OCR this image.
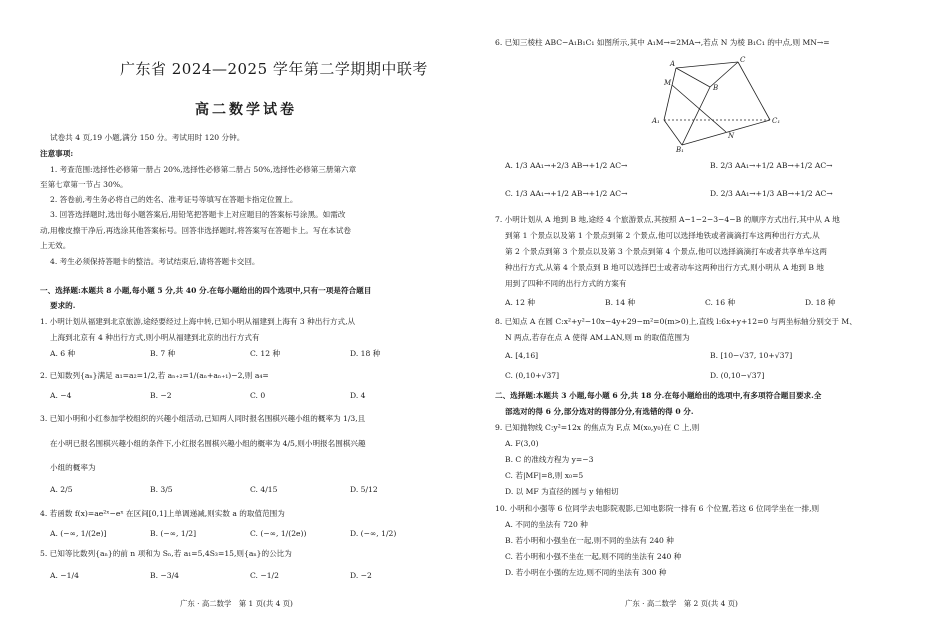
广东省 2024—2025 学年第二学期期中联考
高二数学试卷
试卷共 4 页,19 小题,满分 150 分。考试用时 120 分钟。
注意事项:
1. 考查范围:选择性必修第一册占 20%,选择性必修第二册占 50%,选择性必修第三册第六章
至第七章第一节占 30%。
2. 答卷前,考生务必将自己的姓名、准考证号等填写在答题卡指定位置上。
3. 回答选择题时,选出每小题答案后,用铅笔把答题卡上对应题目的答案标号涂黑。如需改
动,用橡皮擦干净后,再选涂其他答案标号。回答非选择题时,将答案写在答题卡上。写在本试卷
上无效。
4. 考生必须保持答题卡的整洁。考试结束后,请将答题卡交回。
一、选择题:本题共 8 小题,每小题 5 分,共 40 分.在每小题给出的四个选项中,只有一项是符合题目
要求的.
1. 小明计划从福建到北京旅游,途经要经过上海中转,已知小明从福建到上海有 3 种出行方式,从
上海到北京有 4 种出行方式,则小明从福建到北京的出行方式有
A. 6 种	B. 7 种	C. 12 种	D. 18 种
2. 已知数列{aₙ}满足 a₁=a₂=1/2,若 aₙ₊₂=1/(aₙ+aₙ₊₁)−2,则 a₄=
A. −4	B. −2	C. 0	D. 4
3. 已知小明和小红参加学校组织的兴趣小组活动,已知两人同时报名围棋兴趣小组的概率为 1/3,且
在小明已报名围棋兴趣小组的条件下,小红报名围棋兴趣小组的概率为 4/5,则小明报名围棋兴趣
小组的概率为
A. 2/5	B. 3/5	C. 4/15	D. 5/12
4. 若函数 f(x)=ae²ˣ−eˣ 在区间[0,1]上单调递减,则实数 a 的取值范围为
A. (−∞, 1/(2e)]	B. (−∞, 1/2]	C. (−∞, 1/(2e))	D. (−∞, 1/2)
5. 已知等比数列{aₙ}的前 n 项和为 Sₙ,若 a₁=5,4S₃=15,则{aₙ}的公比为
A. −1/4	B. −3/4	C. −1/2	D. −2
广东 · 高二数学　第 1 页(共 4 页)
6. 已知三棱柱 ABC−A₁B₁C₁ 如图所示,其中 A₁M→=2MA→,若点 N 为棱 B₁C₁ 的中点,则 MN→=
A
B
C
A₁
B₁
C₁
M
N
A. 1/3 AA₁→+2/3 AB→+1/2 AC→	B. 2/3 AA₁→+1/2 AB→+1/2 AC→
C. 1/3 AA₁→+1/2 AB→+1/2 AC→	D. 2/3 AA₁→+1/3 AB→+1/2 AC→
7. 小明计划从 A 地到 B 地,途经 4 个旅游景点,其按照 A−1−2−3−4−B 的顺序方式出行,其中从 A 地
到第 1 个景点以及第 1 个景点到第 2 个景点,他可以选择地铁或者滴滴打车这两种出行方式,从
第 2 个景点到第 3 个景点以及第 3 个景点到第 4 个景点,他可以选择滴滴打车或者共享单车这两
种出行方式,从第 4 个景点到 B 地可以选择巴士或者动车这两种出行方式,则小明从 A 地到 B 地
用到了四种不同的出行方式的方案有
A. 12 种	B. 14 种	C. 16 种	D. 18 种
8. 已知点 A 在圆 C:x²+y²−10x−4y+29−m²=0(m>0)上,直线 l:6x+y+12=0 与两坐标轴分别交于 M、
N 两点,若存在点 A 使得 AM⊥AN,则 m 的取值范围为
A. [4,16]	B. [10−√37, 10+√37]
C. (0,10+√37]	D. (0,10−√37]
二、选择题:本题共 3 小题,每小题 6 分,共 18 分.在每小题给出的选项中,有多项符合题目要求.全
部选对的得 6 分,部分选对的得部分分,有选错的得 0 分.
9. 已知抛物线 C:y²=12x 的焦点为 F,点 M(x₀,y₀)在 C 上,则
A. F(3,0)
B. C 的准线方程为 y=−3
C. 若|MF|=8,则 x₀=5
D. 以 MF 为直径的圆与 y 轴相切
10. 小明和小强等 6 位同学去电影院观影,已知电影院一排有 6 个位置,若这 6 位同学坐在一排,则
A. 不同的坐法有 720 种
B. 若小明和小强坐在一起,则不同的坐法有 240 种
C. 若小明和小强不坐在一起,则不同的坐法有 240 种
D. 若小明在小强的左边,则不同的坐法有 300 种
广东 · 高二数学　第 2 页(共 4 页)
